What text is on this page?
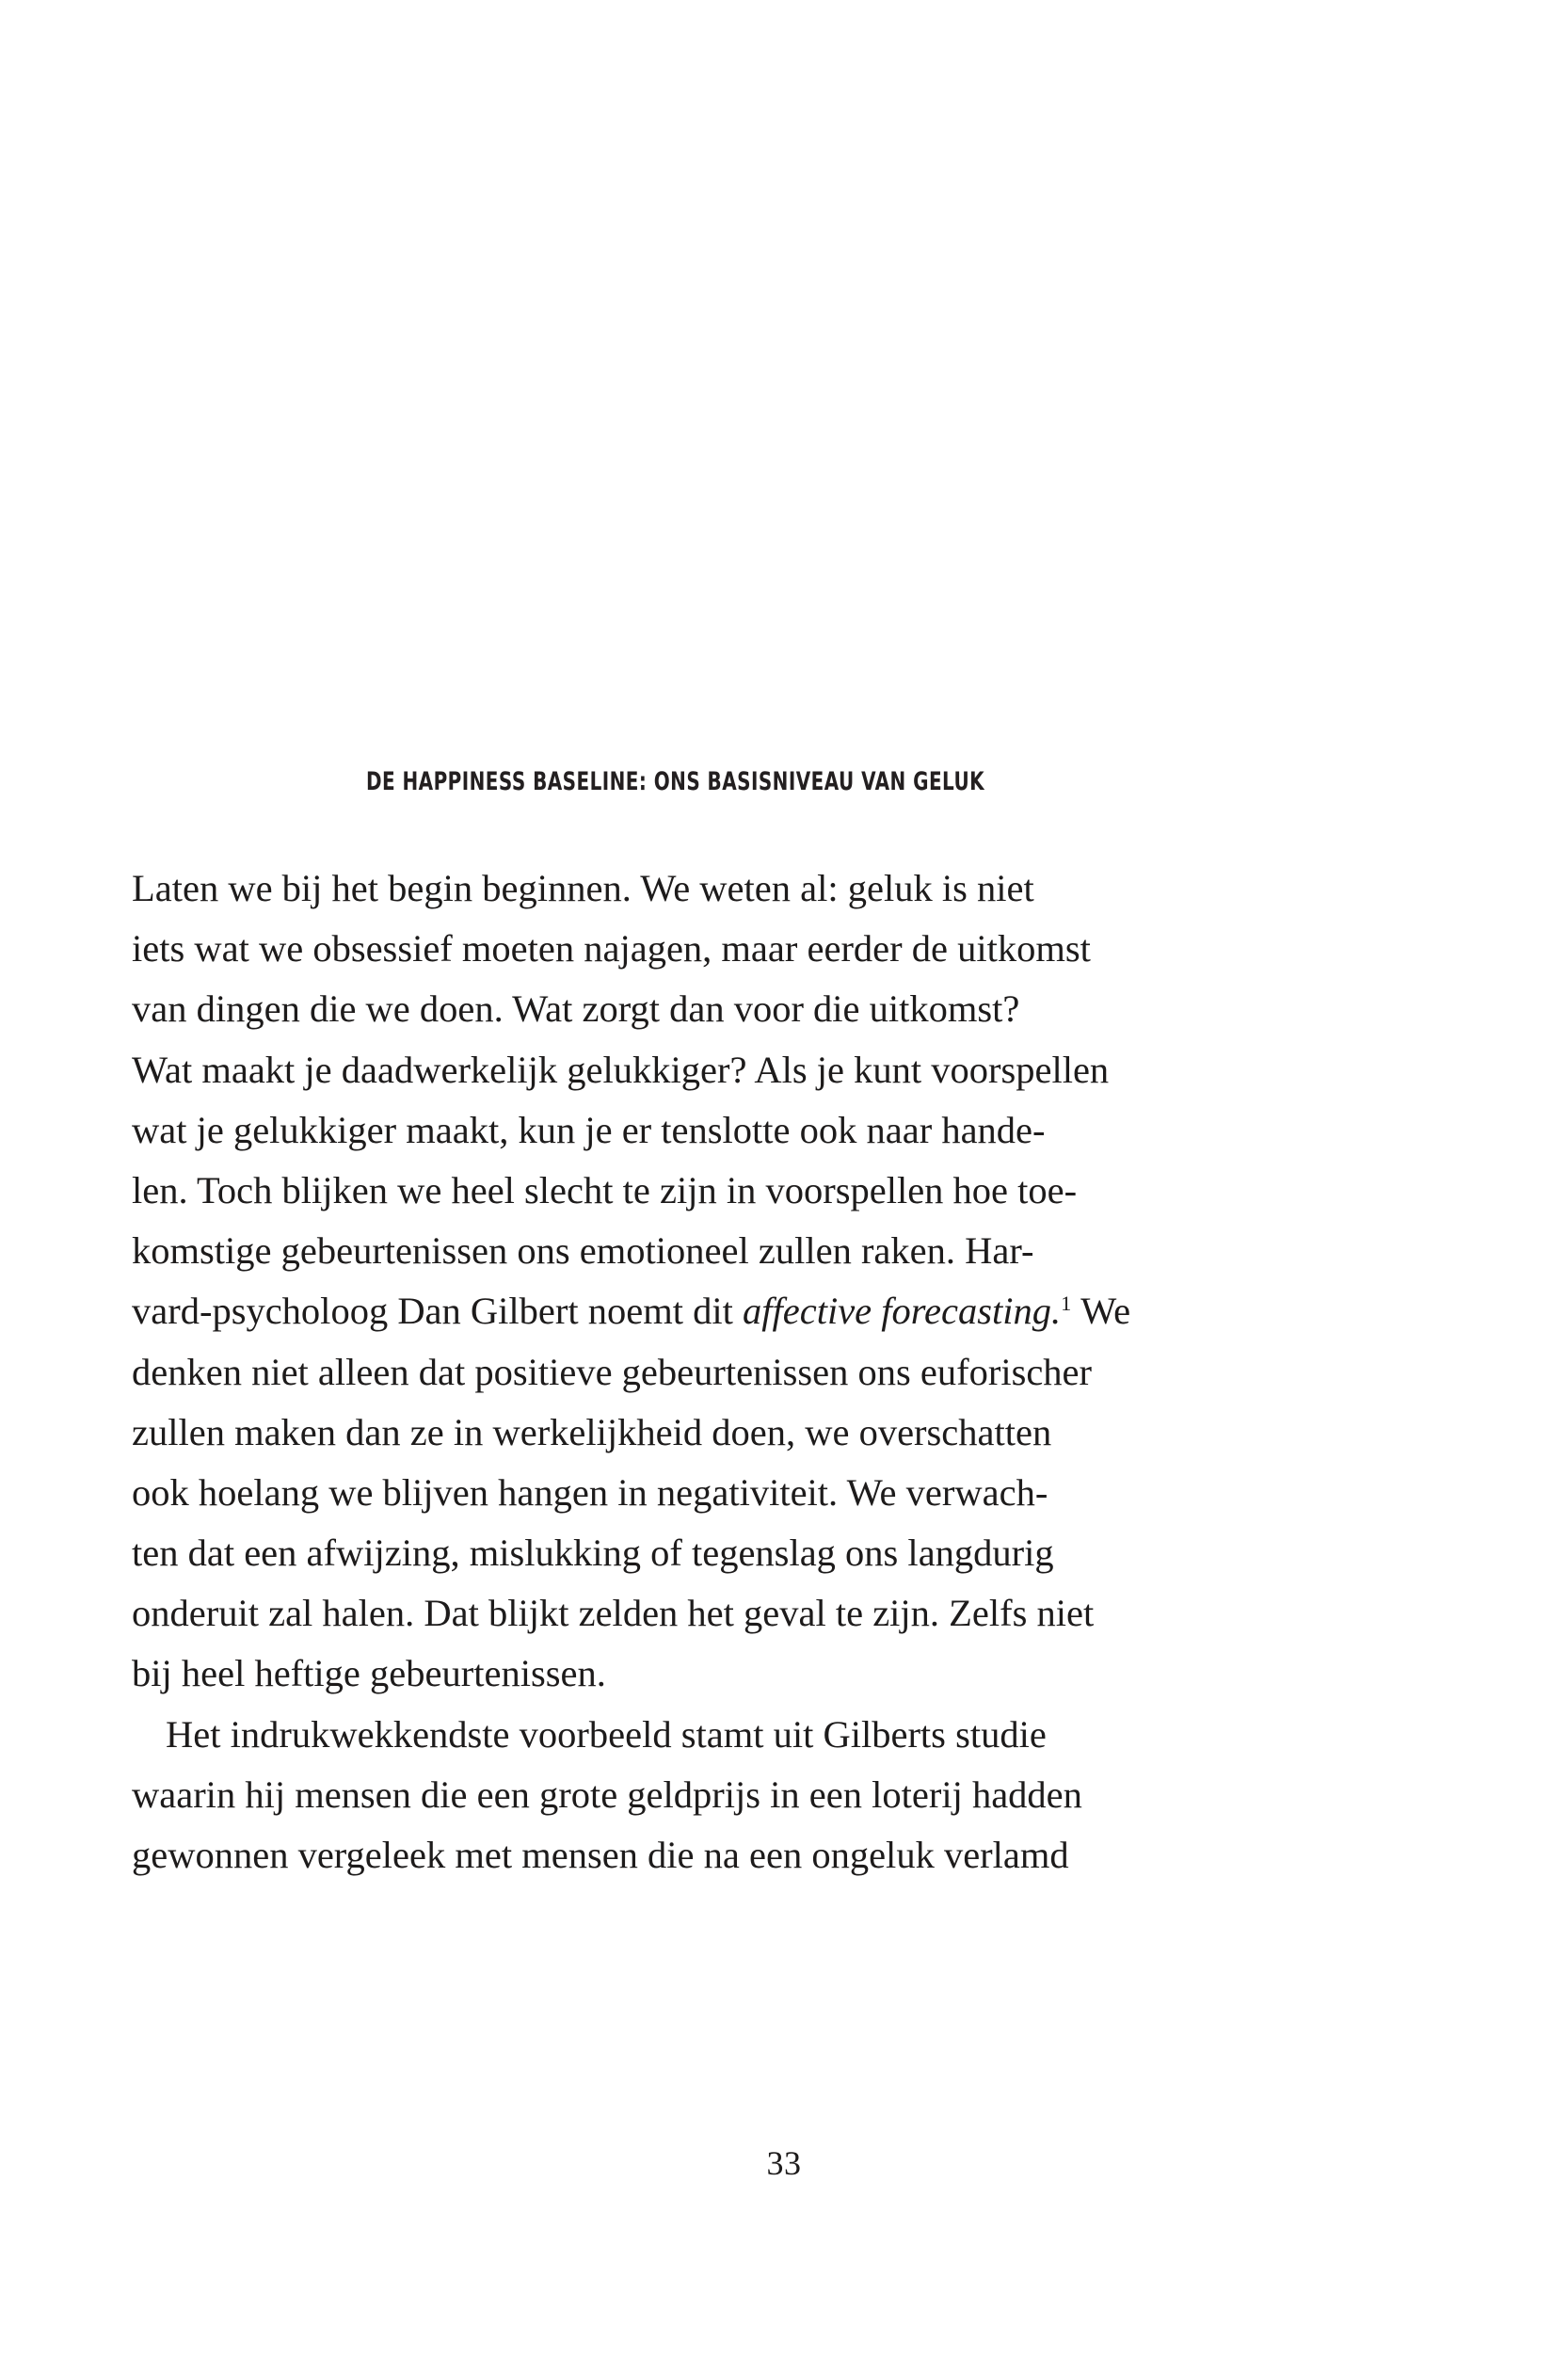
DE HAPPINESS BASELINE: ONS BASISNIVEAU VAN GELUK

Laten we bij het begin beginnen. We weten al: geluk is niet
iets wat we obsessief moeten najagen, maar eerder de uitkomst
van dingen die we doen. Wat zorgt dan voor die uitkomst?
Wat maakt je daadwerkelijk gelukkiger? Als je kunt voorspellen
wat je gelukkiger maakt, kun je er tenslotte ook naar hande-
len. Toch blijken we heel slecht te zijn in voorspellen hoe toe-
komstige gebeurtenissen ons emotioneel zullen raken. Har-
vard-psycholoog Dan Gilbert noemt dit affective forecasting.$^1$ We
denken niet alleen dat positieve gebeurtenissen ons euforischer
zullen maken dan ze in werkelijkheid doen, we overschatten
ook hoelang we blijven hangen in negativiteit. We verwach-
ten dat een afwijzing, mislukking of tegenslag ons langdurig
onderuit zal halen. Dat blijkt zelden het geval te zijn. Zelfs niet
bij heel heftige gebeurtenissen.

Het indrukwekkendste voorbeeld stamt uit Gilberts studie
waarin hij mensen die een grote geldprijs in een loterij hadden
gewonnen vergeleek met mensen die na een ongeluk verlamd

33
